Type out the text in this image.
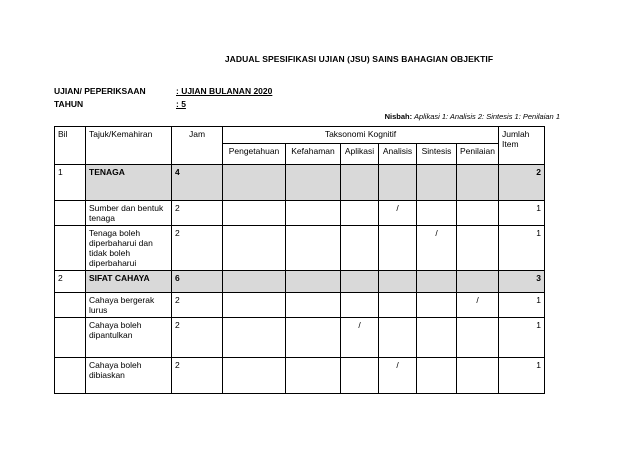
JADUAL SPESIFIKASI UJIAN (JSU) SAINS BAHAGIAN OBJEKTIF
UJIAN/ PEPERIKSAAN	: UJIAN BULANAN 2020
TAHUN	: 5
Nisbah: Aplikasi 1: Analisis 2: Sintesis 1: Penilaian 1
Bil	Tajuk/Kemahiran	Jam	Taksonomi Kognitif						Jumlah Item
			Pengetahuan	Kefahaman	Aplikasi	Analisis	Sintesis	Penilaian	
1	TENAGA	4							2
	Sumber dan bentuk tenaga	2				/			1
	Tenaga boleh diperbaharui dan tidak boleh diperbaharui	2					/		1
2	SIFAT CAHAYA	6							3
	Cahaya bergerak lurus	2						/	1
	Cahaya boleh dipantulkan	2			/				1
	Cahaya boleh dibiaskan	2				/			1
